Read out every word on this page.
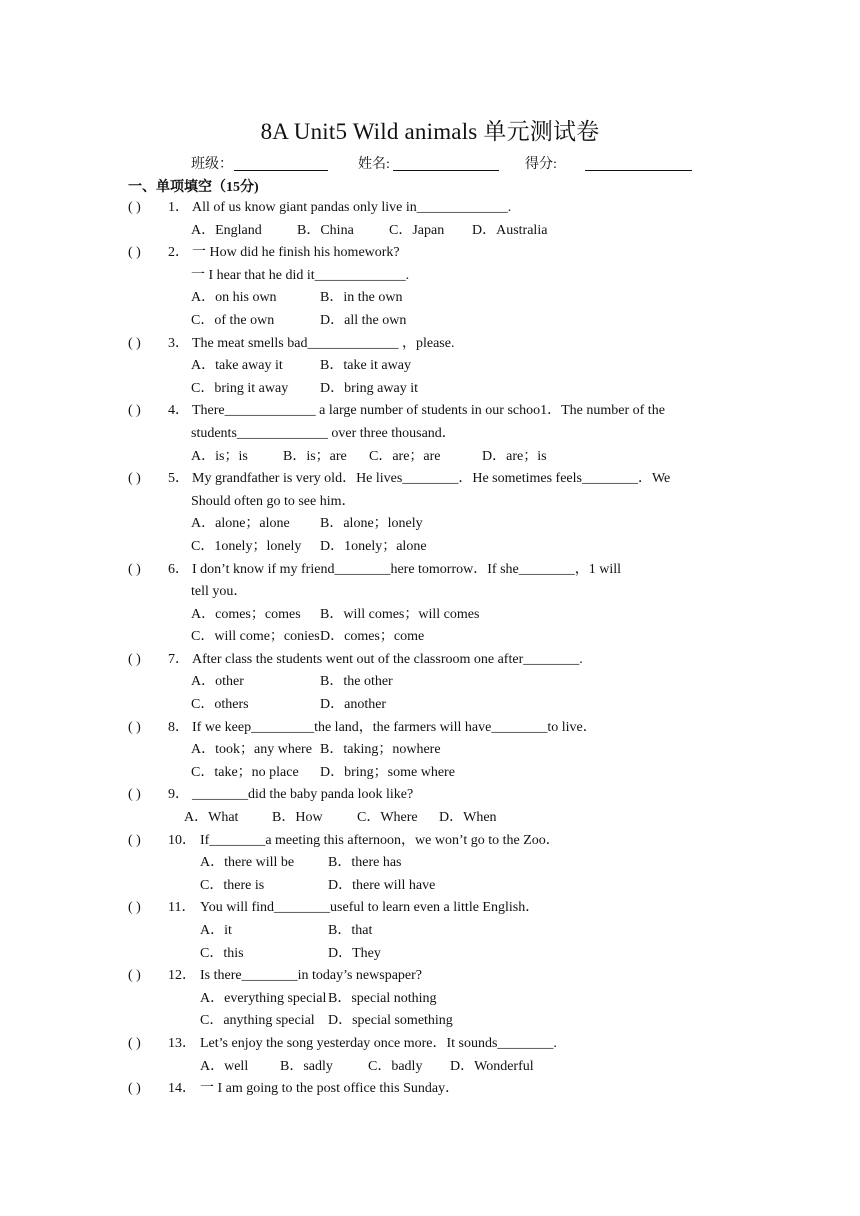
8A Unit5 Wild animals 单元测试卷
班级：	姓名:	得分:
一、单项填空（15分)
( ) 1． All of us know giant pandas only live in_____________.
A．England	B．China	C．Japan D．Australia
( ) 2． 一 How did he finish his homework?
一 I hear that he did it_____________.
A．on his own	B．in the own
C．of the own	D．all the own
( ) 3． The meat smells bad_____________ ，please.
A．take away it	B．take it away
C．bring it away D．bring away it
( ) 4． There_____________ a large number of students in our schoo1．The number of the
students_____________ over three thousand．
A．is；is	B．is；are C．are；are	D．are；is
( ) 5． My grandfather is very old．He lives________．He sometimes feels________．We
Should often go to see him．
A．alone；alone B．alone；lonely
C．1onely；lonely D．1onely；alone
( ) 6． I don’t know if my friend________here tomorrow．If she________，1 will
tell you．
A．comes；comes B．will comes；will comes
C．will come；conies D．comes；come
( ) 7． After class the students went out of the classroom one after________.
A．other	B．the other
C．others	D．another
( ) 8． If we keep_________the land，the farmers will have________to live．
A．took；any where B．taking；nowhere
C．take；no place D．bring；some where
( ) 9． ________did the baby panda look like?
A．What B．How C．Where D．When
( ) 10． If________a meeting this afternoon，we won’t go to the Zoo．
A．there will be B．there has
C．there is	D．there will have
( ) 11． You will find________useful to learn even a little English．
A．it	B．that
C．this	D．They
( ) 12． Is there________in today’s newspaper?
A．everything special B．special nothing
C．anything special D．special something
( ) 13． Let’s enjoy the song yesterday once more．It sounds________.
A．well B．sadly	C．badly D．Wonderful
( ) 14． 一 I am going to the post office this Sunday．
